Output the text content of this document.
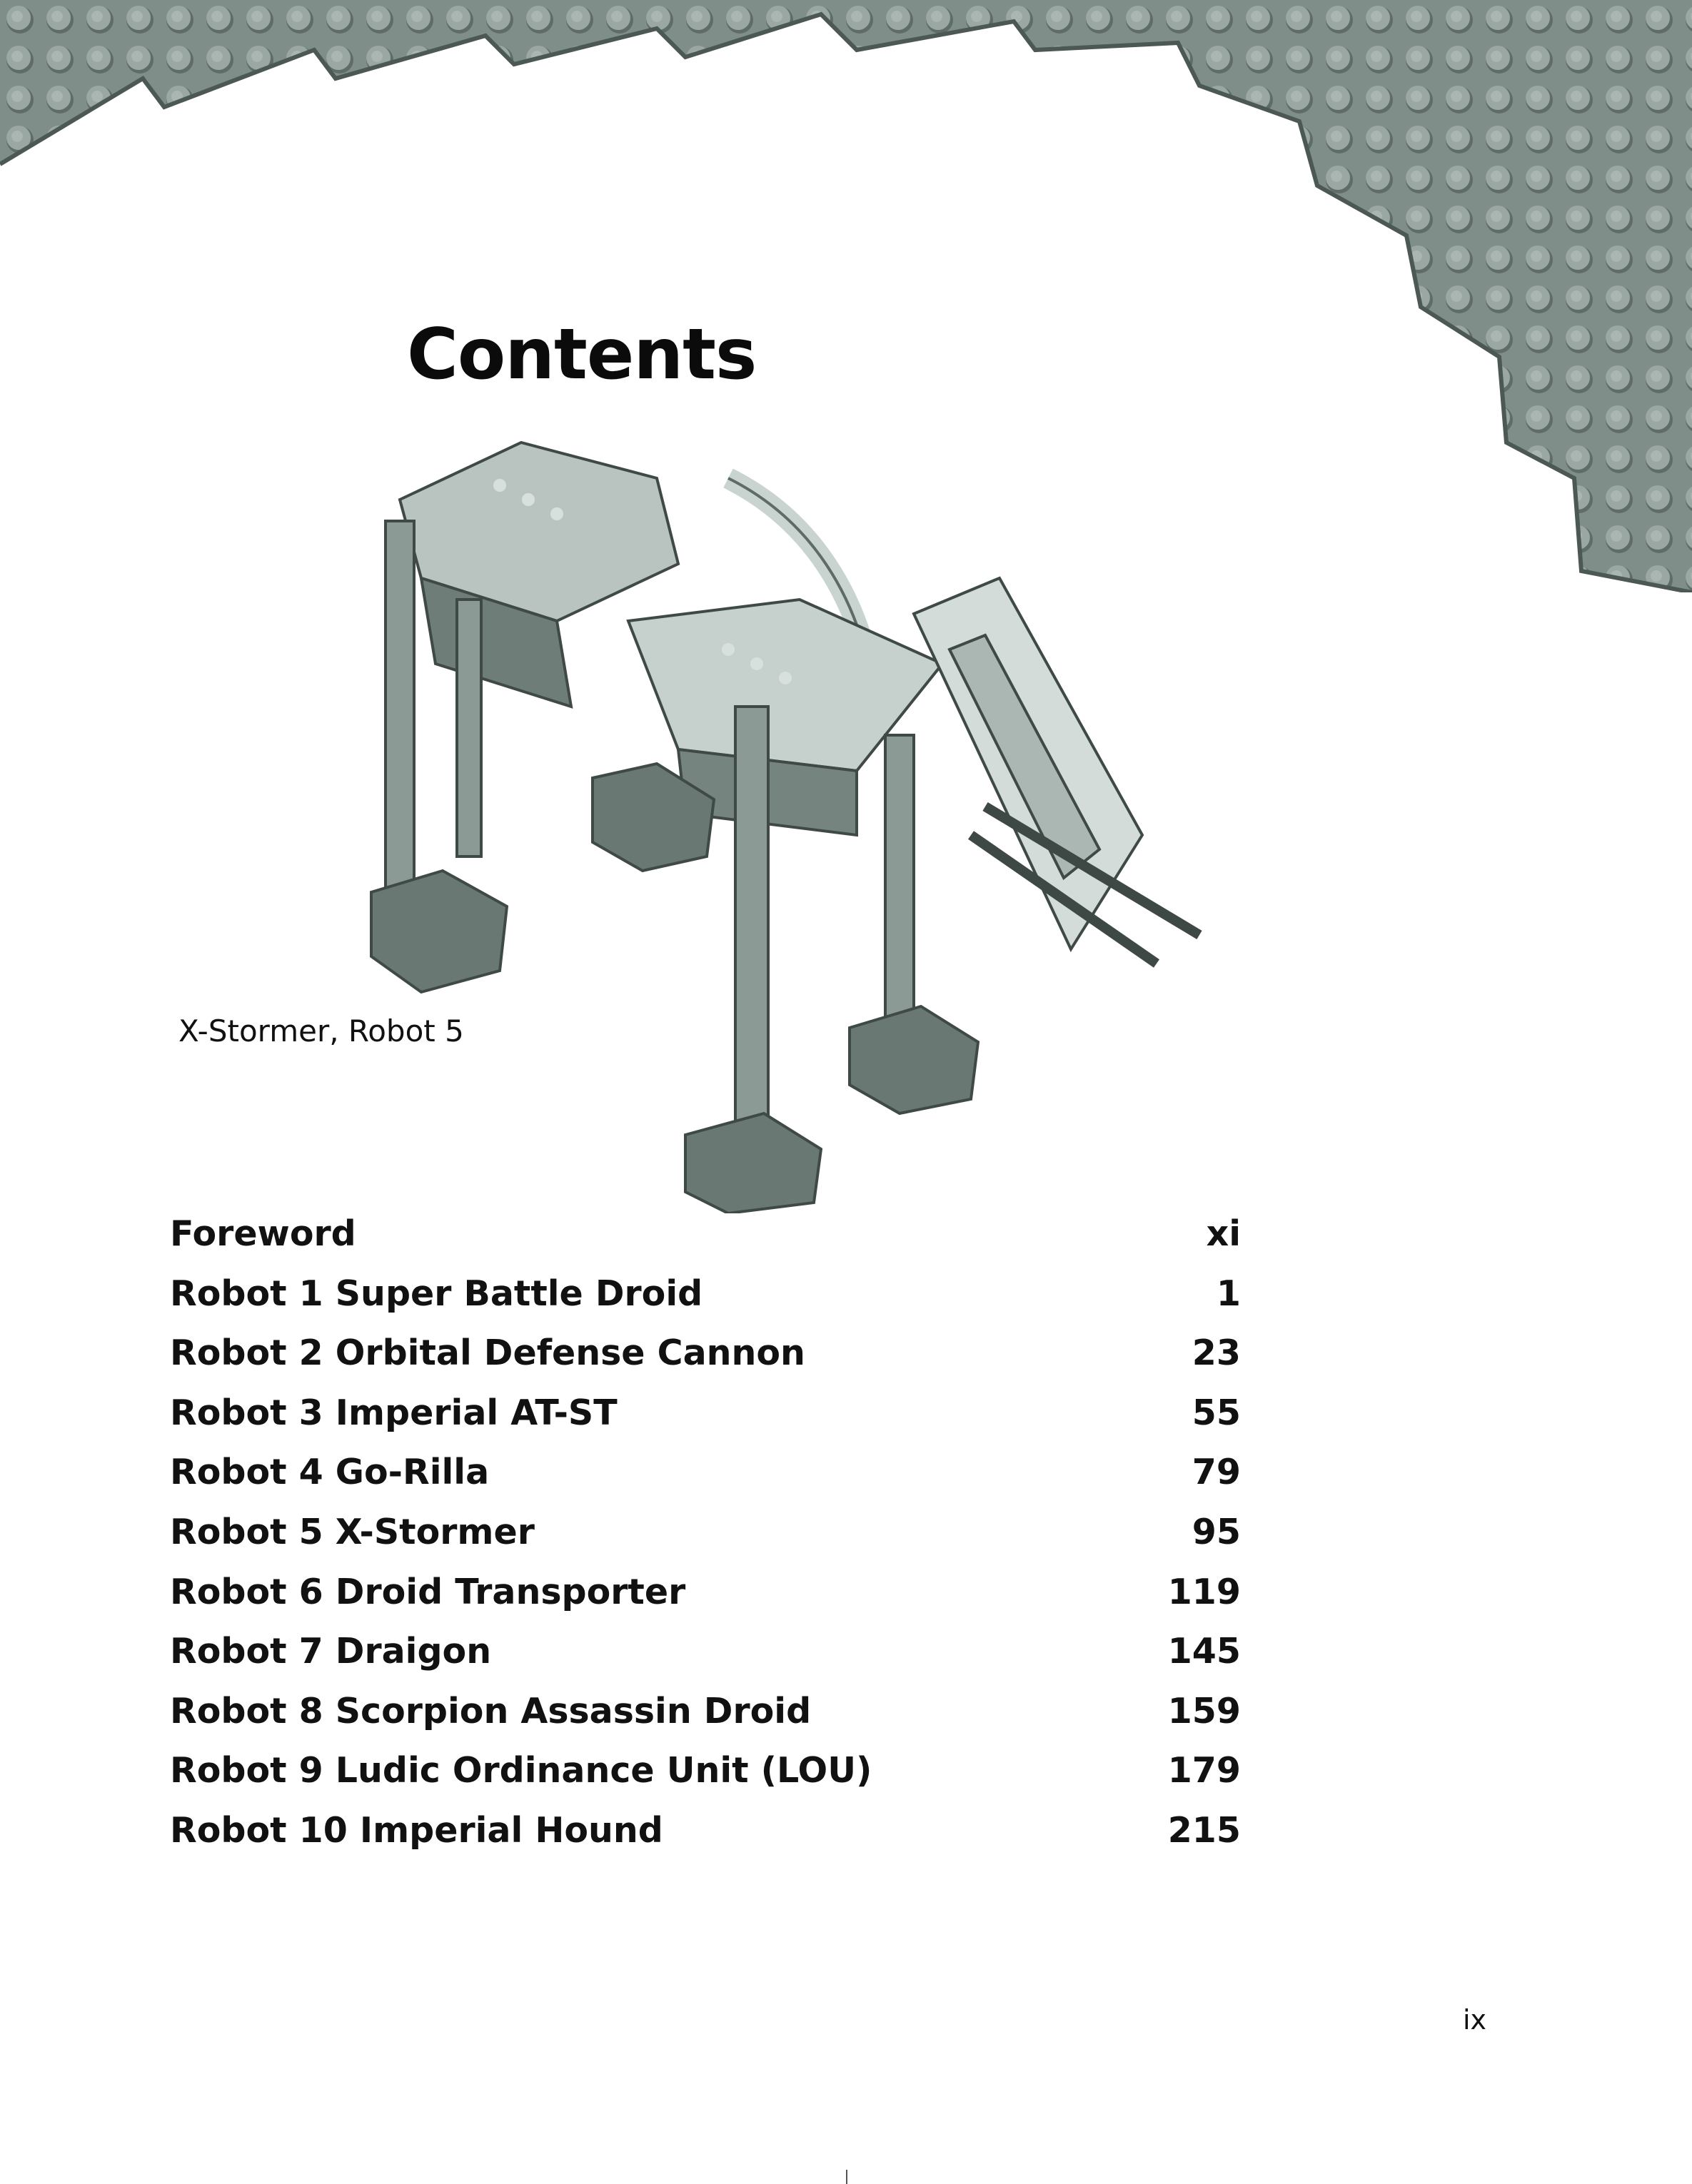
Contents
X-Stormer, Robot 5
Foreword	xi
Robot 1 Super Battle Droid	1
Robot 2 Orbital Defense Cannon	23
Robot 3 Imperial AT-ST	55
Robot 4 Go-Rilla	79
Robot 5 X-Stormer	95
Robot 6 Droid Transporter	119
Robot 7 Draigon	145
Robot 8 Scorpion Assassin Droid	159
Robot 9 Ludic Ordinance Unit (LOU)	179
Robot 10 Imperial Hound	215
ix
